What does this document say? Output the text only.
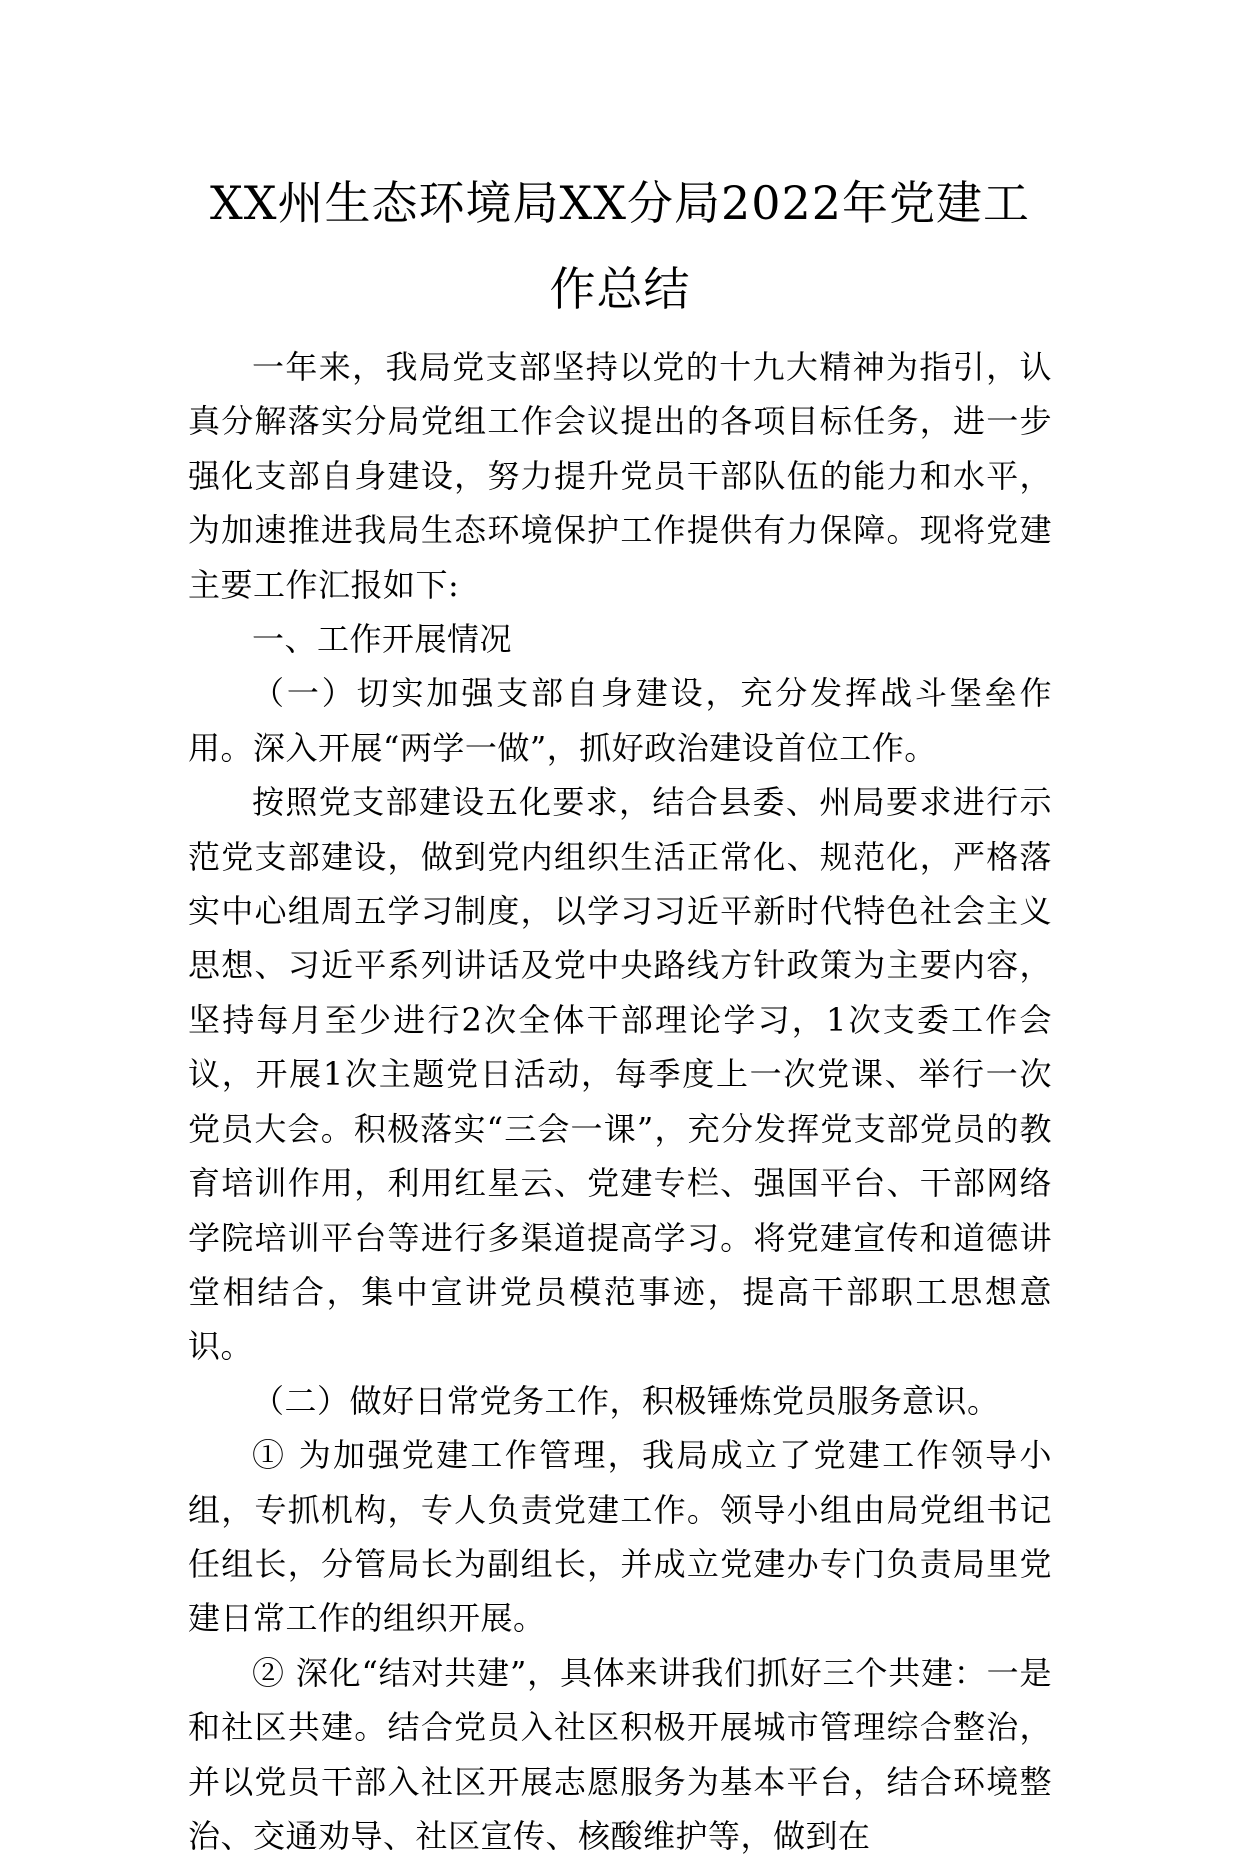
XX州生态环境局XX分局2022年党建工
作总结

一年来，我局党支部坚持以党的十九大精神为指引，认真分解落实分局党组工作会议提出的各项目标任务，进一步强化支部自身建设，努力提升党员干部队伍的能力和水平，为加速推进我局生态环境保护工作提供有力保障。现将党建主要工作汇报如下:

一、工作开展情况

（一）切实加强支部自身建设，充分发挥战斗堡垒作用。深入开展“两学一做”，抓好政治建设首位工作。

按照党支部建设五化要求，结合县委、州局要求进行示范党支部建设，做到党内组织生活正常化、规范化，严格落实中心组周五学习制度，以学习习近平新时代特色社会主义思想、习近平系列讲话及党中央路线方针政策为主要内容，坚持每月至少进行2次全体干部理论学习，1次支委工作会议，开展1次主题党日活动，每季度上一次党课、举行一次党员大会。积极落实“三会一课”，充分发挥党支部党员的教育培训作用，利用红星云、党建专栏、强国平台、干部网络学院培训平台等进行多渠道提高学习。将党建宣传和道德讲堂相结合，集中宣讲党员模范事迹，提高干部职工思想意识。

（二）做好日常党务工作，积极锤炼党员服务意识。

① 为加强党建工作管理，我局成立了党建工作领导小组，专抓机构，专人负责党建工作。领导小组由局党组书记任组长，分管局长为副组长，并成立党建办专门负责局里党建日常工作的组织开展。

② 深化“结对共建”，具体来讲我们抓好三个共建：一是和社区共建。结合党员入社区积极开展城市管理综合整治，并以党员干部入社区开展志愿服务为基本平台，结合环境整治、交通劝导、社区宣传、核酸维护等，做到在
